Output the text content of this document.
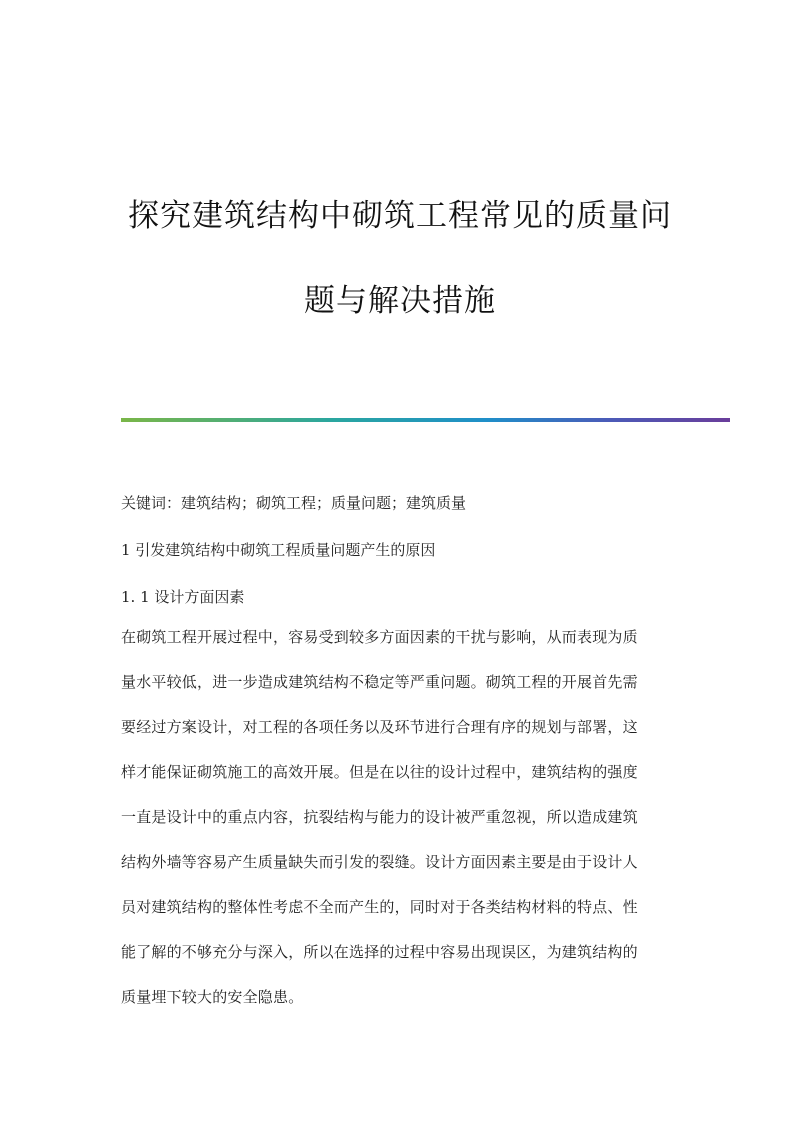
探究建筑结构中砌筑工程常见的质量问
题与解决措施

关键词：建筑结构；砌筑工程；质量问题；建筑质量

1 引发建筑结构中砌筑工程质量问题产生的原因

1. 1 设计方面因素

在砌筑工程开展过程中，容易受到较多方面因素的干扰与影响，从而表现为质

量水平较低，进一步造成建筑结构不稳定等严重问题。砌筑工程的开展首先需

要经过方案设计，对工程的各项任务以及环节进行合理有序的规划与部署，这

样才能保证砌筑施工的高效开展。但是在以往的设计过程中，建筑结构的强度

一直是设计中的重点内容，抗裂结构与能力的设计被严重忽视，所以造成建筑

结构外墙等容易产生质量缺失而引发的裂缝。设计方面因素主要是由于设计人

员对建筑结构的整体性考虑不全而产生的，同时对于各类结构材料的特点、性

能了解的不够充分与深入，所以在选择的过程中容易出现误区，为建筑结构的

质量埋下较大的安全隐患。
